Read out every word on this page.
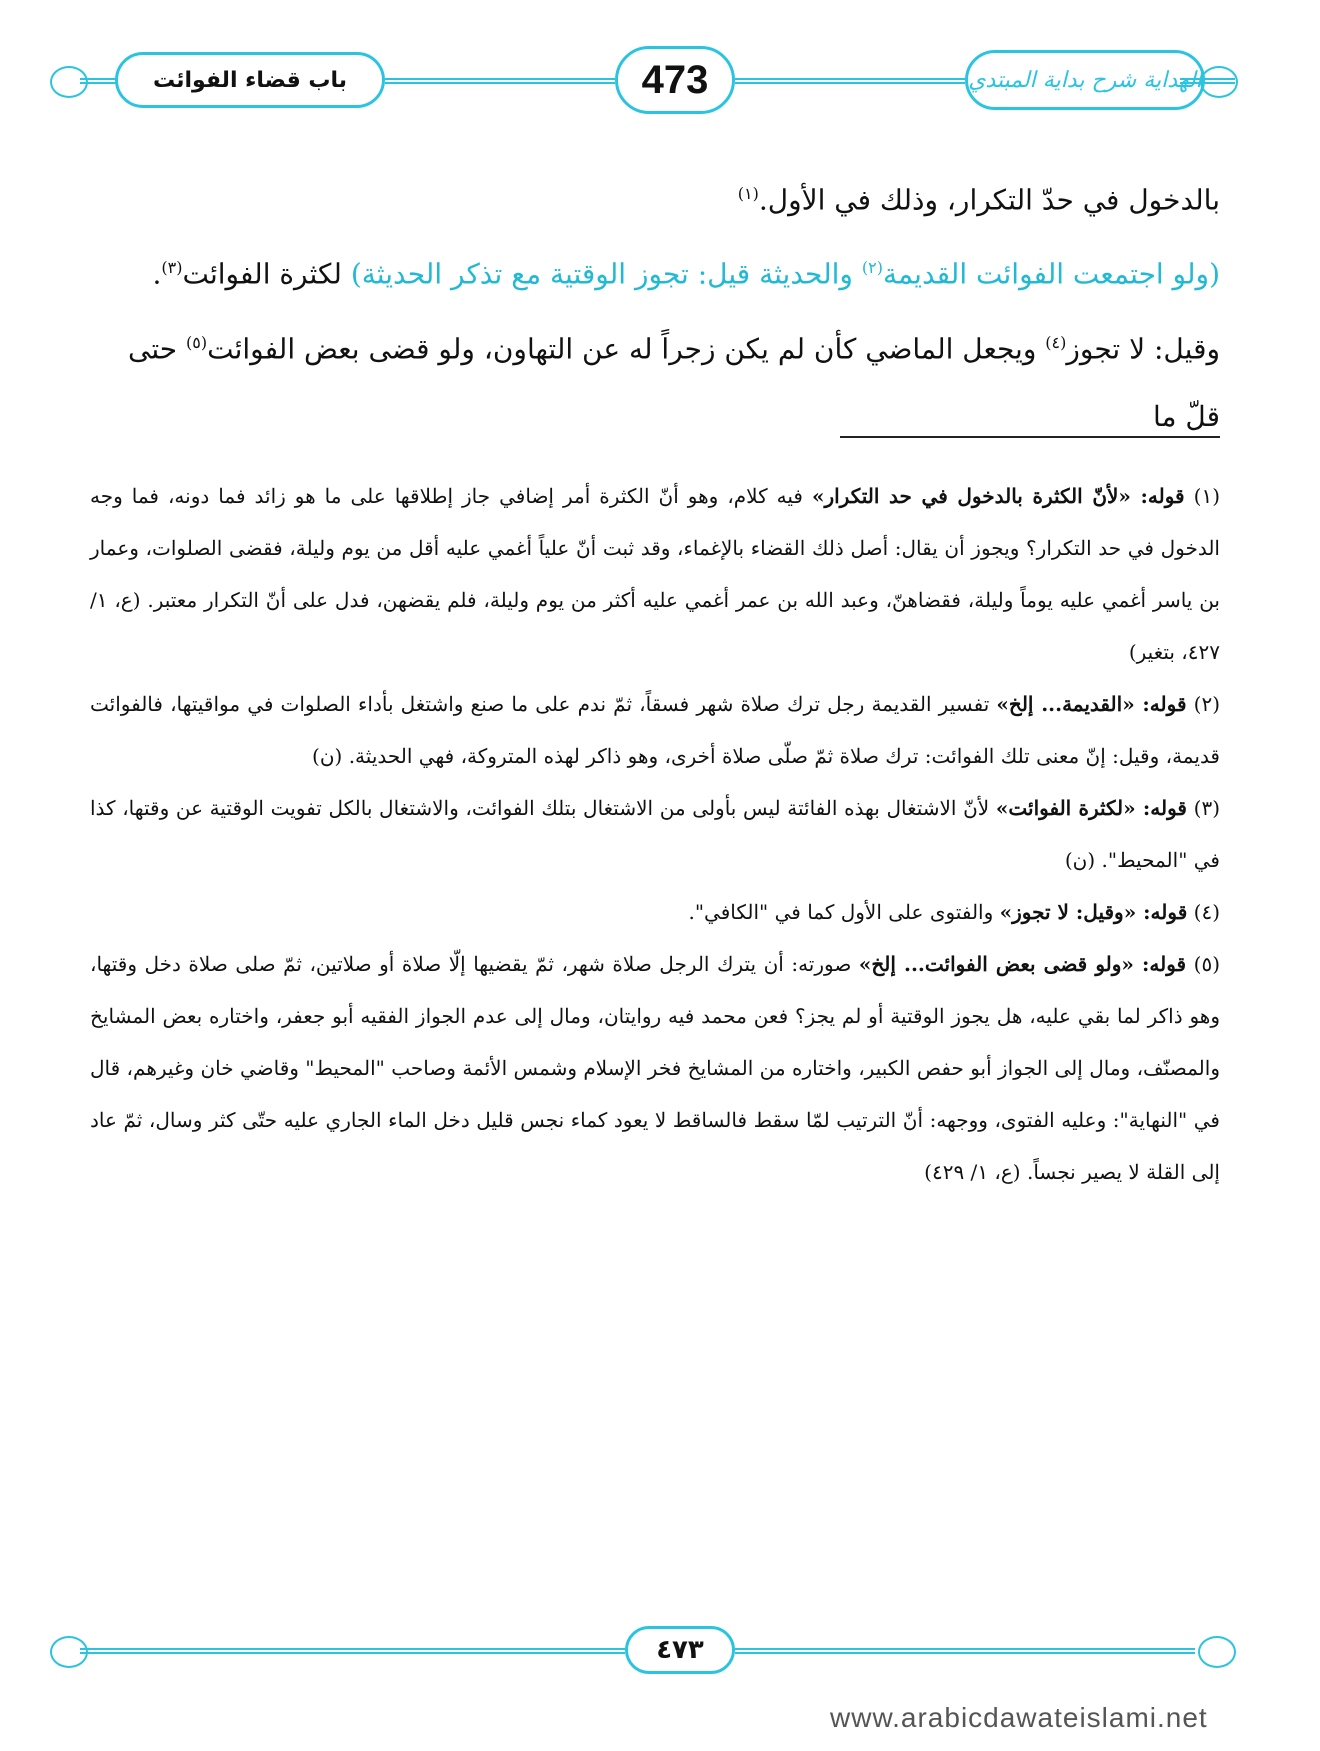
باب قضاء الفوائت	473	الهداية شرح بداية المبتدي

بالدخول في حدّ التكرار، وذلك في الأول.$^{(١)}$

(ولو اجتمعت الفوائت القديمة$^{(٢)}$ والحديثة قيل: تجوز الوقتية مع تذكر الحديثة) لكثرة الفوائت$^{(٣)}$.

وقيل: لا تجوز$^{(٤)}$ ويجعل الماضي كأن لم يكن زجراً له عن التهاون، ولو قضى بعض الفوائت$^{(٥)}$ حتى قلّ ما

(١) قوله: «لأنّ الكثرة بالدخول في حد التكرار» فيه كلام، وهو أنّ الكثرة أمر إضافي جاز إطلاقها على ما هو زائد فما دونه، فما وجه الدخول في حد التكرار؟ ويجوز أن يقال: أصل ذلك القضاء بالإغماء، وقد ثبت أنّ علياً أغمي عليه أقل من يوم وليلة، فقضى الصلوات، وعمار بن ياسر أغمي عليه يوماً وليلة، فقضاهنّ، وعبد الله بن عمر أغمي عليه أكثر من يوم وليلة، فلم يقضهن، فدل على أنّ التكرار معتبر. (ع، ١/ ٤٢٧، بتغير)

(٢) قوله: «القديمة... إلخ» تفسير القديمة رجل ترك صلاة شهر فسقاً، ثمّ ندم على ما صنع واشتغل بأداء الصلوات في مواقيتها، فالفوائت قديمة، وقيل: إنّ معنى تلك الفوائت: ترك صلاة ثمّ صلّى صلاة أخرى، وهو ذاكر لهذه المتروكة، فهي الحديثة. (ن)

(٣) قوله: «لكثرة الفوائت» لأنّ الاشتغال بهذه الفائتة ليس بأولى من الاشتغال بتلك الفوائت، والاشتغال بالكل تفويت الوقتية عن وقتها، كذا في "المحيط". (ن)

(٤) قوله: «وقيل: لا تجوز» والفتوى على الأول كما في "الكافي".

(٥) قوله: «ولو قضى بعض الفوائت... إلخ» صورته: أن يترك الرجل صلاة شهر، ثمّ يقضيها إلّا صلاة أو صلاتين، ثمّ صلى صلاة دخل وقتها، وهو ذاكر لما بقي عليه، هل يجوز الوقتية أو لم يجز؟ فعن محمد فيه روايتان، ومال إلى عدم الجواز الفقيه أبو جعفر، واختاره بعض المشايخ والمصنّف، ومال إلى الجواز أبو حفص الكبير، واختاره من المشايخ فخر الإسلام وشمس الأئمة وصاحب "المحيط" وقاضي خان وغيرهم، قال في "النهاية": وعليه الفتوى، ووجهه: أنّ الترتيب لمّا سقط فالساقط لا يعود كماء نجس قليل دخل الماء الجاري عليه حتّى كثر وسال، ثمّ عاد إلى القلة لا يصير نجساً. (ع، ١/ ٤٢٩)

٤٧٣
www.arabicdawateislami.net
